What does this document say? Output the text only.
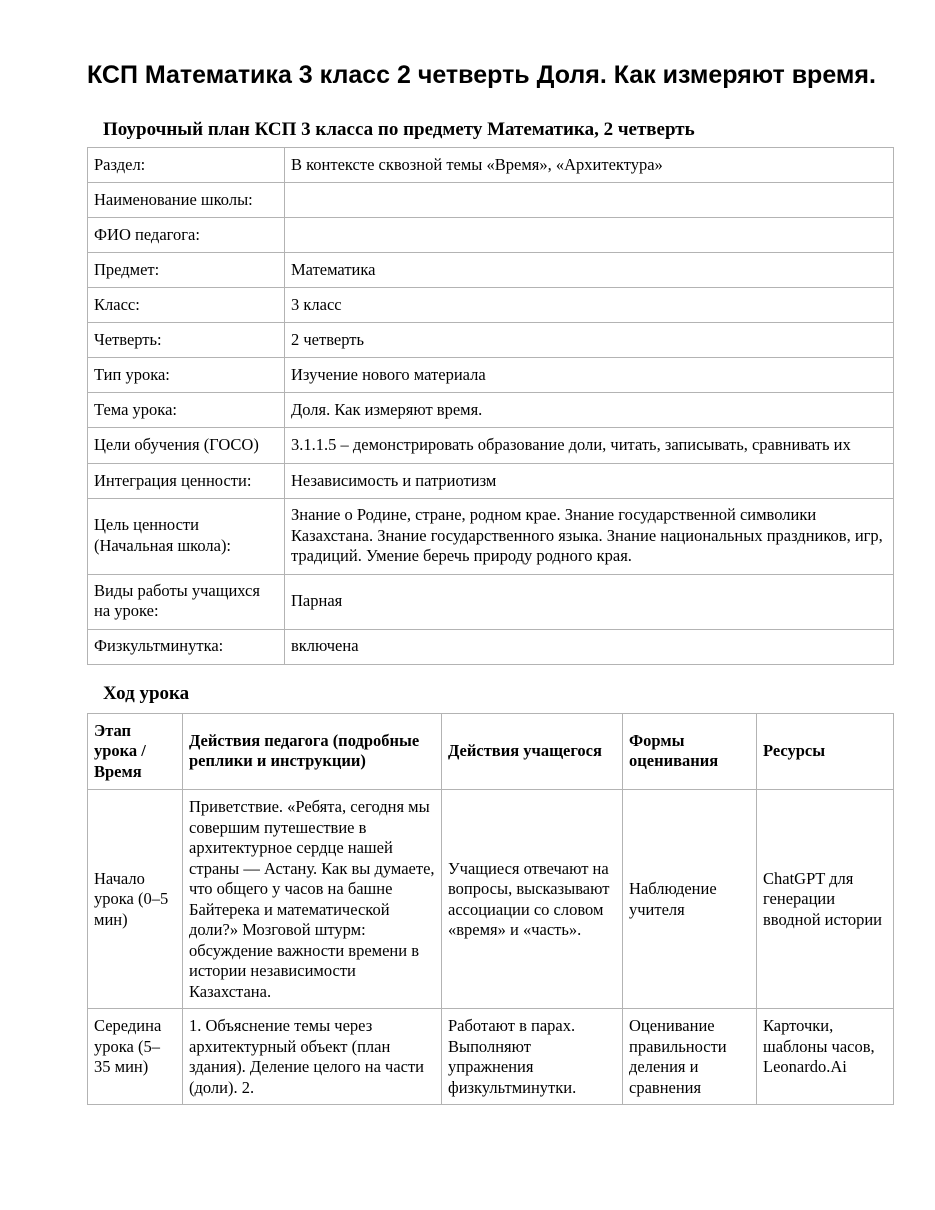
КСП Математика 3 класс 2 четверть Доля. Как измеряют время.
Поурочный план КСП 3 класса по предмету Математика, 2 четверть
Раздел:	В контексте сквозной темы «Время», «Архитектура»
Наименование школы:	
ФИО педагога:	
Предмет:	Математика
Класс:	3 класс
Четверть:	2 четверть
Тип урока:	Изучение нового материала
Тема урока:	Доля. Как измеряют время.
Цели обучения (ГОСО)	3.1.1.5 – демонстрировать образование доли, читать, записывать, сравнивать их
Интеграция ценности:	Независимость и патриотизм
Цель ценности (Начальная школа):	Знание о Родине, стране, родном крае. Знание государственной символики Казахстана. Знание государственного языка. Знание национальных праздников, игр, традиций. Умение беречь природу родного края.
Виды работы учащихся на уроке:	Парная
Физкультминутка:	включена
Ход урока
Этап урока / Время	Действия педагога (подробные реплики и инструкции)	Действия учащегося	Формы оценивания	Ресурсы
Начало урока (0–5 мин)	Приветствие. «Ребята, сегодня мы совершим путешествие в архитектурное сердце нашей страны — Астану. Как вы думаете, что общего у часов на башне Байтерека и математической доли?» Мозговой штурм: обсуждение важности времени в истории независимости Казахстана.	Учащиеся отвечают на вопросы, высказывают ассоциации со словом «время» и «часть».	Наблюдение учителя	ChatGPT для генерации вводной истории
Середина урока (5–35 мин)	1. Объяснение темы через архитектурный объект (план здания). Деление целого на части (доли). 2.	Работают в парах. Выполняют упражнения физкультминутки.	Оценивание правильности деления и сравнения	Карточки, шаблоны часов, Leonardo.Ai
